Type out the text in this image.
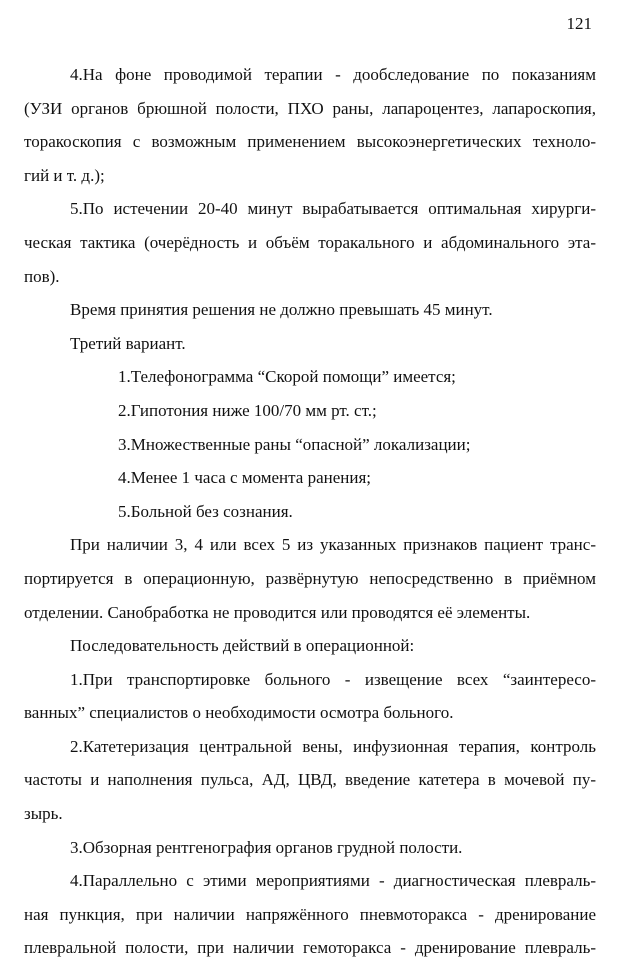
121
4.На фоне проводимой терапии - дообследование по показаниям
(УЗИ органов брюшной полости, ПХО раны, лапароцентез, лапароскопия,
торакоскопия с возможным применением высокоэнергетических техноло-
гий и т. д.);
5.По истечении 20-40 минут вырабатывается оптимальная хирурги-
ческая тактика (очерёдность и объём торакального и абдоминального эта-
пов).
Время принятия решения не должно превышать 45 минут.
Третий вариант.
1.Телефонограмма “Скорой помощи” имеется;
2.Гипотония ниже 100/70 мм рт. ст.;
3.Множественные раны “опасной” локализации;
4.Менее 1 часа с момента ранения;
5.Больной без сознания.
При наличии 3, 4 или всех 5 из указанных признаков пациент транс-
портируется в операционную, развёрнутую непосредственно в приёмном
отделении. Санобработка не проводится или проводятся её элементы.
Последовательность действий в операционной:
1.При транспортировке больного - извещение всех “заинтересо-
ванных” специалистов о необходимости осмотра больного.
2.Катетеризация центральной вены, инфузионная терапия, контроль
частоты и наполнения пульса, АД, ЦВД, введение катетера в мочевой пу-
зырь.
3.Обзорная рентгенография органов грудной полости.
4.Параллельно с этими мероприятиями - диагностическая плевраль-
ная пункция, при наличии напряжённого пневмоторакса - дренирование
плевральной полости, при наличии гемоторакса - дренирование плевраль-
